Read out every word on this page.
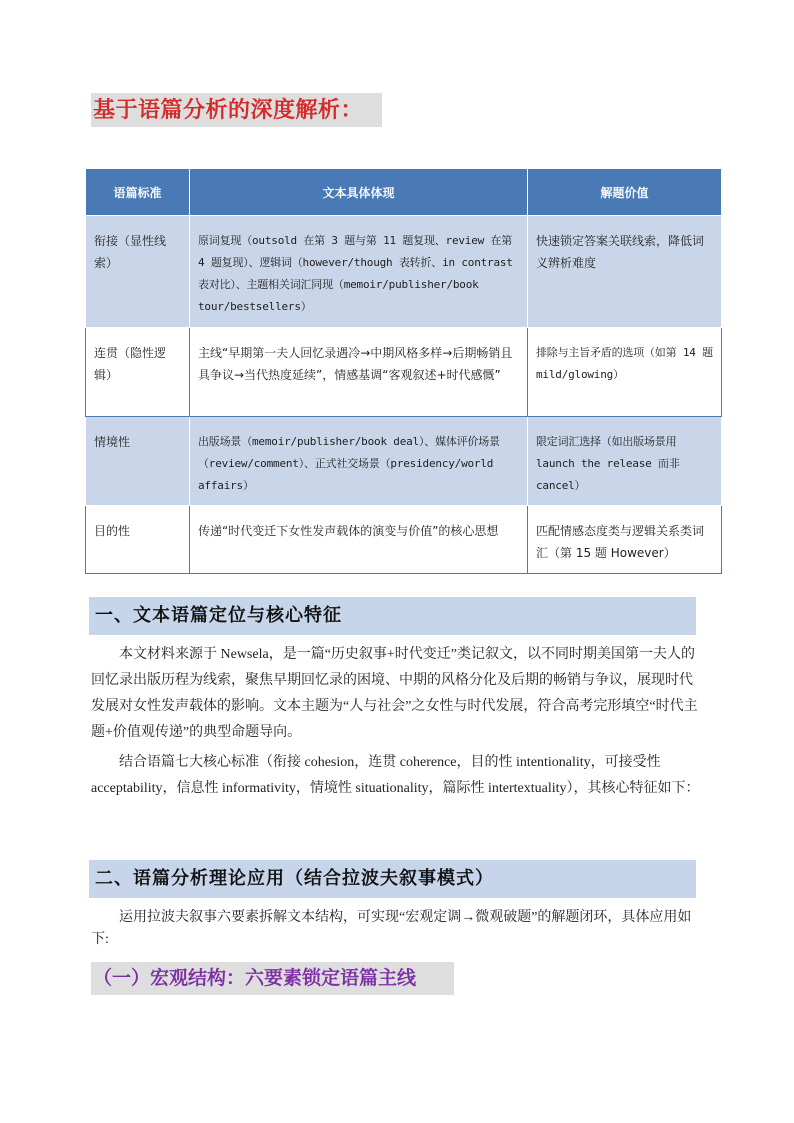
基于语篇分析的深度解析：
语篇标准	文本具体体现	解题价值
衔接（显性线索）	原词复现（outsold 在第 3 题与第 11 题复现、review 在第 4 题复现）、逻辑词（however/though 表转折、in contrast 表对比）、主题相关词汇同现（memoir/publisher/book tour/bestsellers）	快速锁定答案关联线索，降低词义辨析难度
连贯（隐性逻辑）	主线“早期第一夫人回忆录遇冷→中期风格多样→后期畅销且具争议→当代热度延续”，情感基调“客观叙述+时代感慨”	排除与主旨矛盾的选项（如第 14 题 mild/glowing）
情境性	出版场景（memoir/publisher/book deal）、媒体评价场景（review/comment）、正式社交场景（presidency/world affairs）	限定词汇选择（如出版场景用 launch the release 而非 cancel）
目的性	传递“时代变迁下女性发声载体的演变与价值”的核心思想	匹配情感态度类与逻辑关系类词汇（第 15 题 However）
一、文本语篇定位与核心特征

本文材料来源于 Newsela，是一篇“历史叙事+时代变迁”类记叙文，以不同时期美国第一夫人的回忆录出版历程为线索，聚焦早期回忆录的困境、中期的风格分化及后期的畅销与争议，展现时代发展对女性发声载体的影响。文本主题为“人与社会”之女性与时代发展，符合高考完形填空“时代主题+价值观传递”的典型命题导向。

结合语篇七大核心标准（衔接 cohesion，连贯 coherence，目的性 intentionality，可接受性 acceptability，信息性 informativity，情境性 situationality，篇际性 intertextuality），其核心特征如下：

二、语篇分析理论应用（结合拉波夫叙事模式）

运用拉波夫叙事六要素拆解文本结构，可实现“宏观定调→微观破题”的解题闭环，具体应用如下:

（一）宏观结构：六要素锁定语篇主线
